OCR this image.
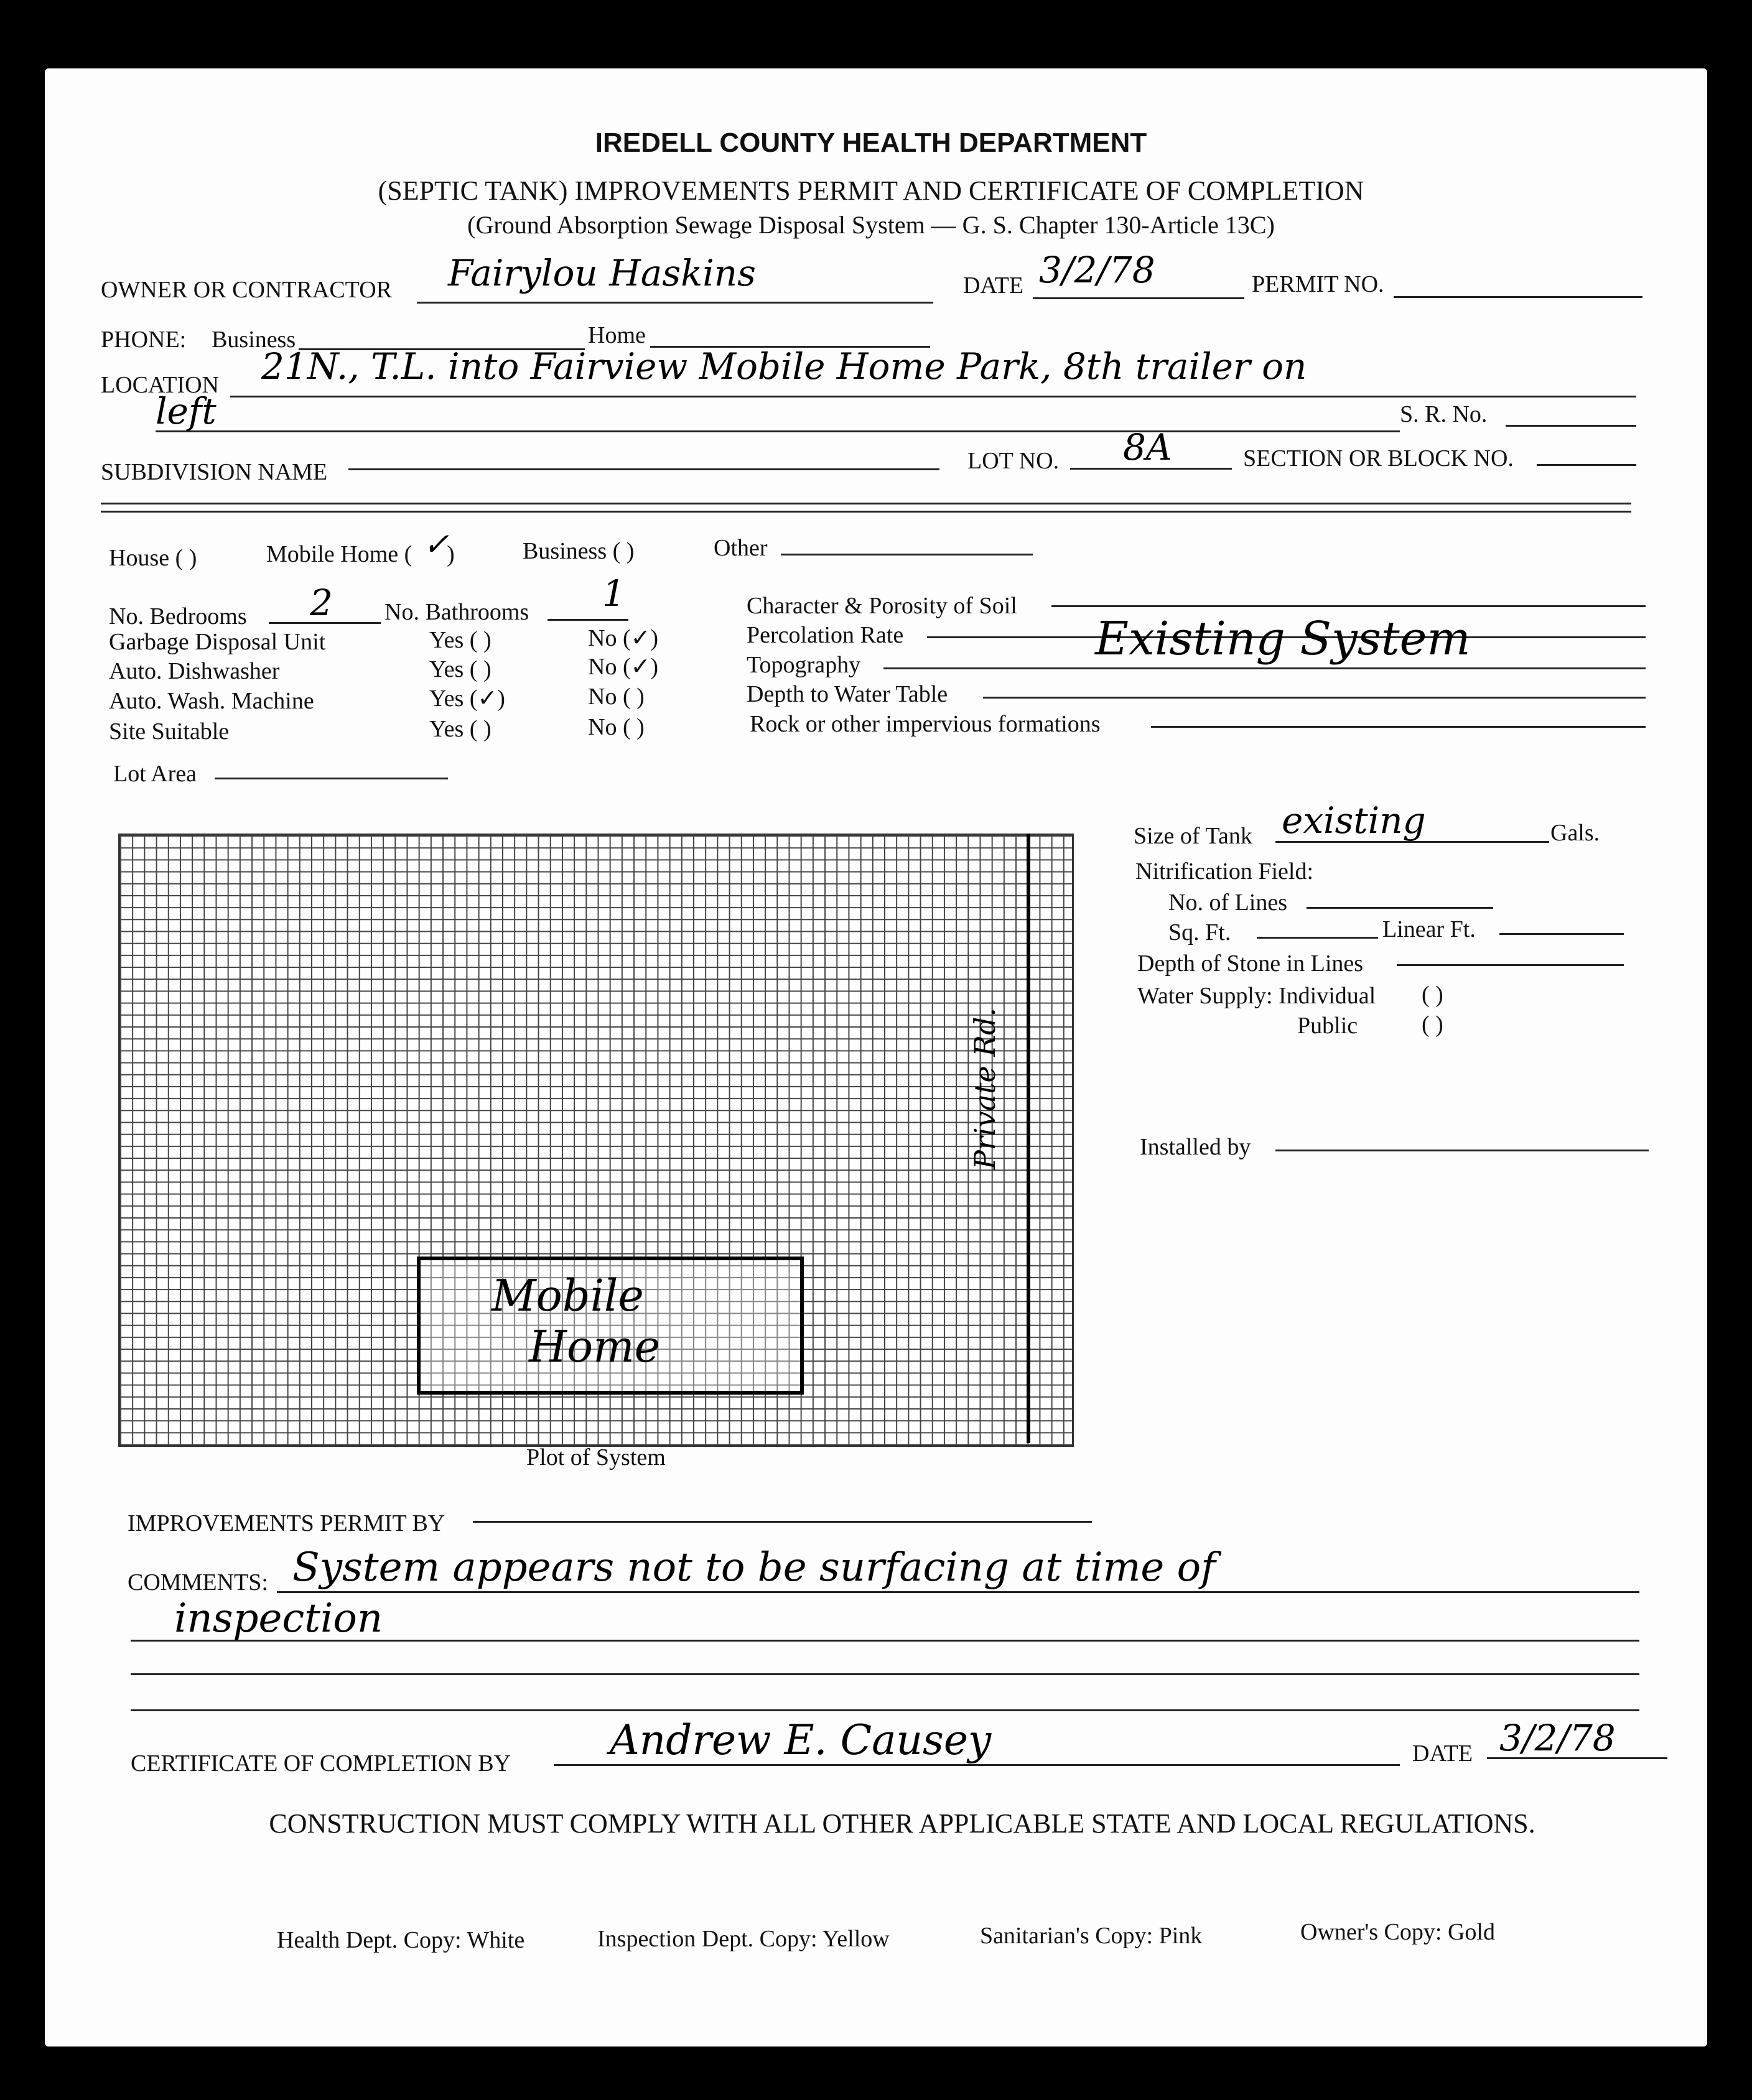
IREDELL COUNTY HEALTH DEPARTMENT
(SEPTIC TANK) IMPROVEMENTS PERMIT AND CERTIFICATE OF COMPLETION
(Ground Absorption Sewage Disposal System — G. S. Chapter 130-Article 13C)
OWNER OR CONTRACTOR Fairylou Haskins	DATE 3/2/78	PERMIT NO.
PHONE: Business	Home
LOCATION 21N., T.L. into Fairview Mobile Home Park, 8th trailer on
left	S. R. No.
SUBDIVISION NAME	LOT NO. 8A	SECTION OR BLOCK NO.
House ( )	Mobile Home ( ✓
)	Business ( )	Other
No. Bedrooms 2 No. Bathrooms 1
Garbage Disposal Unit	Yes ( )	No (✓)
Auto. Dishwasher	Yes ( )	No (✓)
Auto. Wash. Machine	Yes (✓)	No ( )
Site Suitable	Yes ( )	No ( )
Lot Area
Character & Porosity of Soil
Percolation Rate
Topography
Depth to Water Table
Rock or other impervious formations
Existing System
Size of Tank existing	Gals.
Nitrification Field:
No. of Lines
Sq. Ft.	Linear Ft.
Depth of Stone in Lines
Water Supply: Individual ( )
Public	( )
Installed by
Private Rd.
Mobile
Home
Plot of System
IMPROVEMENTS PERMIT BY
COMMENTS: System appears not to be surfacing at time of
inspection
CERTIFICATE OF COMPLETION BY Andrew E. Causey	DATE 3/2/78
CONSTRUCTION MUST COMPLY WITH ALL OTHER APPLICABLE STATE AND LOCAL REGULATIONS.
Health Dept. Copy: White	Inspection Dept. Copy: Yellow	Sanitarian's Copy: Pink	Owner's Copy: Gold
